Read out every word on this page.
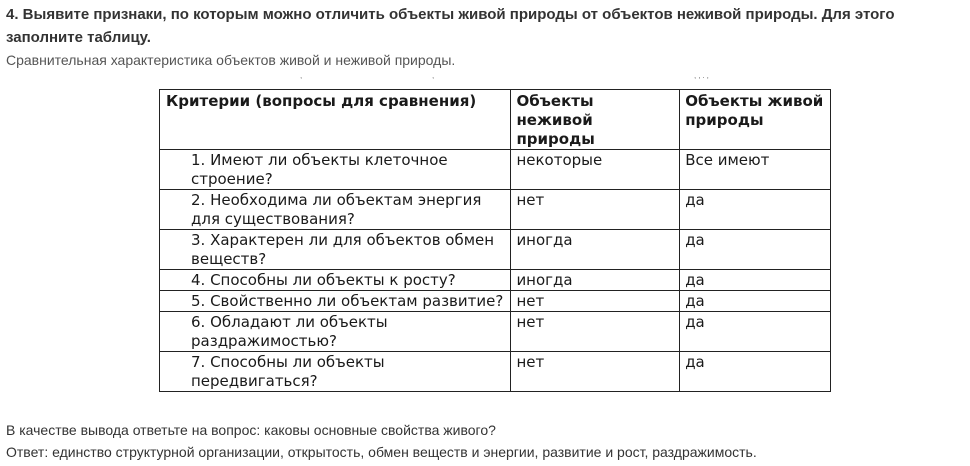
4. Выявите признаки, по которым можно отличить объекты живой природы от объектов неживой природы. Для этого заполните таблицу.
Сравнительная характеристика объектов живой и неживой природы.
,	,	,,.,
Критерии (вопросы для сравнения)	Объекты неживой природы	Объекты живой природы
1. Имеют ли объекты клеточное строение?	некоторые	Все имеют
2. Необходима ли объектам энергия для существования?	нет	да
3. Характерен ли для объектов обмен веществ?	иногда	да
4. Способны ли объекты к росту?	иногда	да
5. Свойственно ли объектам развитие?	нет	да
6. Обладают ли объекты раздражимостью?	нет	да
7. Способны ли объекты передвигаться?	нет	да
В качестве вывода ответьте на вопрос: каковы основные свойства живого?
Ответ: единство структурной организации, открытость, обмен веществ и энергии, развитие и рост, раздражимость.
